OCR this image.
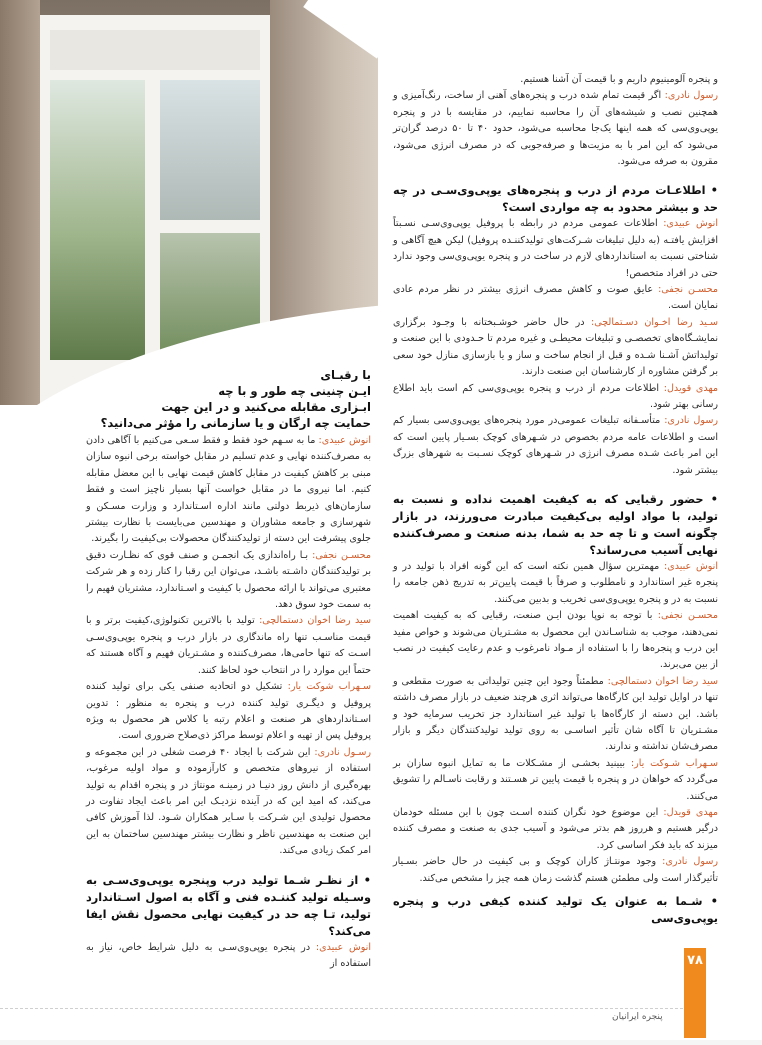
و پنجره آلومینیوم داریم و با قیمت آن آشنا هستیم.

رسول نادری: اگر قیمت تمام شده درب و پنجره‌های آهنی از ساخت، رنگ‌آمیزی و همچنین نصب و شیشه‌های آن را محاسبه نماییم، در مقایسه با در و پنجره یوپی‌وی‌سی که همه اینها یک‌جا محاسبه می‌شود، حدود ۴۰ تا ۵۰ درصد گران‌تر می‌شود که این امر با به مزیت‌ها و صرفه‌جویی که در مصرف انرژی می‌شود، مقرون به صرفه می‌شود.

• اطلاعـات مردم از درب و پنجره‌های یوپی‌وی‌سـی در چه حد و بیشتر محدود به چه مواردی است؟

انوش عبیدی: اطلاعات عمومی مردم در رابطه با پروفیل یوپی‌وی‌سـی نسـبتاً افزایش یافتـه (به دلیل تبلیغات شـرکت‌های تولیدکننـده پروفیل) لیکن هیچ آگاهی و شناختی نسبت به استانداردهای لازم در ساخت در و پنجره یوپی‌وی‌سی وجود ندارد حتی در افراد متخصص!

محسـن نجفی: عایق صوت و کاهش مصرف انرژی بیشتر در نظر مردم عادی نمایان است.

سـید رضا اخـوان دسـتمالچی: در حال حاضر خوشـبختانه با وجـود برگزاری نمایشـگاه‌های تخصصـی و تبلیغات محیطـی و غیره مردم تا حـدودی با این صنعت و تولیداتش آشـنا شـده و قبل از انجام ساخت و ساز و یا بازسازی منازل خود سعی بر گرفتن مشاوره از کارشناسان این صنعت دارند.

مهدی قویدل: اطلاعات مردم از درب و پنجره یوپی‌وی‌سی کم است باید اطلاع رسانی بهتر شود.

رسول نادری: متأسـفانه تبلیغات عمومی‌در مورد پنجره‌های یوپی‌وی‌سی بسیار کم است و اطلاعات عامه مردم بخصوص در شـهرهای کوچک بسـیار پایین است که این امر باعث شـده مصرف انرژی در شـهرهای کوچک نسـبت به شهرهای بزرگ بیشتر شود.

• حضور رقبایی که به کیفیت اهمیت نداده و نسبت به تولید، با مواد اولیه بی‌کیفیت مبادرت می‌ورزند، در بازار چگونه است و تا چه حد به شما، بدنه صنعت و مصرف‌کننده نهایی آسیب می‌رساند؟

انوش عبیدی: مهمترین سؤال همین نکته است که این گونه افراد با تولید در و پنجره غیر استاندارد و نامطلوب و صرفاً با قیمت پایین‌تر به تدریج ذهن جامعه را نسبت به در و پنجره یوپی‌وی‌سی تخریب و بدبین می‌کنند.

محسـن نجفی: با توجه به نوپا بودن ایـن صنعت، رقبایی که به کیفیت اهمیت نمی‌دهند، موجب به شناسـاندن این محصول به مشـتریان می‌شوند و خواص مفید این درب و پنجره‌ها را با استفاده از مـواد نامرغوب و عدم رعایت کیفیت در نصب از بین می‌برند.

سید رضا اخوان دستمالچی: مطمئناً وجود این چنین تولیداتی به صورت مقطعی و تنها در اوایل تولید این کارگاه‌ها می‌تواند اثری هرچند ضعیف در بازار مصرف داشته باشد. این دسته از کارگاه‌ها با تولید غیر استاندارد جز تخریب سرمایه خود و مشـتریان تا آگاه شان تأثیر اساسـی به روی تولید تولیدکنندگان دیگر و بازار مصرف‌شان نداشته و ندارند.

سـهراب شـوکت یار: بیینید بخشـی از مشـکلات ما به تمایل انبوه سازان بر می‌گردد که خواهان در و پنجره با قیمت پایین تر هسـتند و رقابت ناسـالم را تشویق می‌کنند.

مهدی قویدل: این موضوع خود نگران کننده اسـت چون با این مسئله خودمان درگیر هستیم و هرروز هم بدتر می‌شود و آسیب جدی به صنعت و مصرف کننده میزند که باید فکر اساسی کرد.

رسول نادری: وجود مونتـاژ کاران کوچک و بی کیفیت در حال حاضر بسـیار تأثیرگذار است ولی مطمئن هستم گذشت زمان همه چیز را مشخص می‌کند.

• شـما به عنوان یک تولید کننده کیفی درب و پنجره یوپی‌وی‌سی

با رقبـای

ایـن چنینی چه طور و با چه

ابـزاری مقابله می‌کنید و در این جهت

حمایت چه ارگان و یا سازمانی را مؤثر می‌دانید؟

انوش عبیدی: ما به سـهم خود فقط و فقط سـعی می‌کنیم با آگاهی دادن به مصرف‌کننده نهایی و عدم تسلیم در مقابل خواسته برخی انبوه سازان مبنی بر کاهش کیفیت در مقابل کاهش قیمت نهایی با این معضل مقابله کنیم. اما نیروی ما در مقابل خواست آنها بسیار ناچیز است و فقط سازمان‌های ذیربط دولتی مانند اداره اسـتاندارد و وزارت مسـکن و شهرسازی و جامعه مشاوران و مهندسین می‌بایست با نظارت بیشتر جلوی پیشرفت این دسته از تولیدکنندگان محصولات بی‌کیفیت را بگیرند.

محسـن نجفی: بـا راه‌اندازی یک انجمـن و صنف قوی که نظـارت دقیق بر تولیدکنندگان داشـته باشـد، می‌توان این رقبا را کنار زده و هر شرکت معتبری می‌تواند با ارائه محصول با کیفیت و اسـتاندارد، مشتریان فهیم را به سمت خود سوق دهد.

سید رضا اخوان دستمالچی: تولید با بالاترین تکنولوژی،کیفیت برتر و با قیمت مناسـب تنها راه ماندگاری در بازار درب و پنجره یوپی‌وی‌سـی اسـت که تنها حامی‌ها، مصرف‌کننده و مشـتریان فهیم و آگاه هستند که حتماً این موارد را در انتخاب خود لحاظ کنند.

سـهراب شوکت یار: تشکیل دو اتحادیه صنفی یکی برای تولید کننده پروفیل و دیگـری تولید کننده درب و پنجره به منظور : تدوین اسـتانداردهای هر صنعت و اعلام رتبه یا کلاس هر محصول به ویژه پروفیل پس از تهیه و اعلام توسط مراکز ذی‌صلاح ضروری است.

رسـول نادری: این شرکت با ایجاد ۴۰ فرصت شغلی در این مجموعه و استفاده از نیروهای متخصص و کارآزموده و مواد اولیه مرغوب، بهره‌گیری از دانش روز دنیـا در زمینـه مونتاژ در و پنجره اقدام به تولید می‌کند، که امید این که در آینده نزدیـک این امر باعث ایجاد تفاوت در محصول تولیدی این شـرکت با سـایر همکاران شـود. لذا آموزش کافی این صنعت به مهندسین ناظر و نظارت بیشتر مهندسین ساختمان به این امر کمک زیادی می‌کند.

• از نظـر شـما تولید درب وپنجره یوپی‌وی‌سـی به وسـیله تولید کننـده فنی و آگاه به اصول اسـتاندارد تولید، تـا چه حد در کیفیت نهایی محصول نقش ایفا می‌کند؟

انوش عبیدی: در پنجره یوپی‌وی‌سـی به دلیل شرایط خاص، نیاز به استفاده از	۷۸
پنجره ایرانیان
